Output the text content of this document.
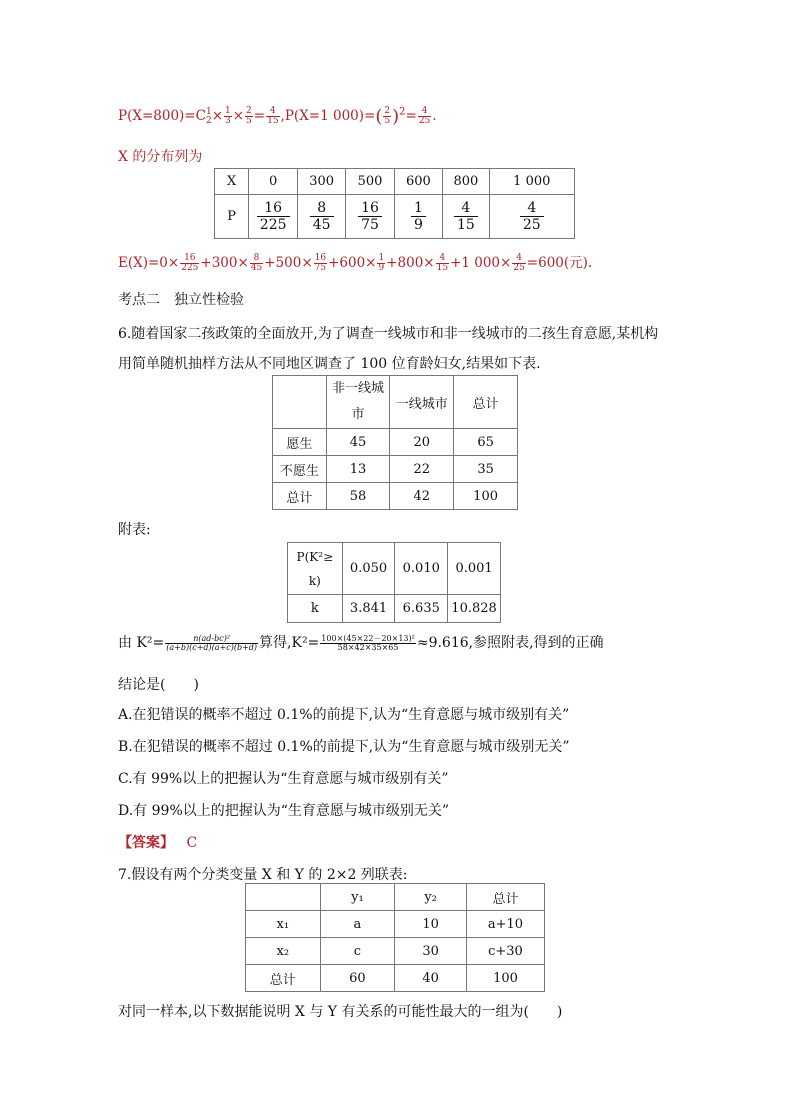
P(X=800)=C 1
$2 \times \frac{1}{3} \times \frac{2}{5} = \frac{4}{15} ,P(X=1$ $000)=( \frac{2}{5} )^2= \frac{4}{25}$ .
X 的分布列为
X	0	300	500	600	800	1 000
P	$\frac{16}{225}$	$\frac{8}{45}$	$\frac{16}{75}$	$\frac{1}{9}$	$\frac{4}{15}$	$\frac{4}{25}$
$E(X)=0\times \frac{16}{225} +300\times \frac{8}{45} +500\times \frac{16}{75} +600\times \frac{1}{9} +800\times \frac{4}{15} +1$ $000\times \frac{4}{25} =600$(元).
考点二　独立性检验
6.随着国家二孩政策的全面放开,为了调查一线城市和非一线城市的二孩生育意愿,某机构
用简单随机抽样方法从不同地区调查了 100 位育龄妇女,结果如下表.
	非一线城
市	一线城市	总计
愿生	45	20	65
不愿生	13	22	35
总计	58	42	100
附表:
P(K²≥
k)	0.050	0.010	0.001
k	3.841	6.635	10.828
由 $K^2= \frac{\text{n(ad-bc)²}}{(a+b)(c+d)(a+c)(b+d)}$ 算得$,K^2= \frac{\text{100×(45×22－20×13)²}}{58\times 42\times 35\times 65} \approx 9.616$,参照附表,得到的正确
结论是(　　)
A.在犯错误的概率不超过 0.1%的前提下,认为“生育意愿与城市级别有关”
B.在犯错误的概率不超过 0.1%的前提下,认为“生育意愿与城市级别无关”
C.有 99%以上的把握认为“生育意愿与城市级别有关”
D.有 99%以上的把握认为“生育意愿与城市级别无关”
【答案】 C
7.假设有两个分类变量 X 和 Y 的 2×2 列联表:
	y₁	y₂	总计
x₁	a	10	a+10
x₂	c	30	c+30
总计	60	40	100
对同一样本,以下数据能说明 X 与 Y 有关系的可能性最大的一组为(　　)
